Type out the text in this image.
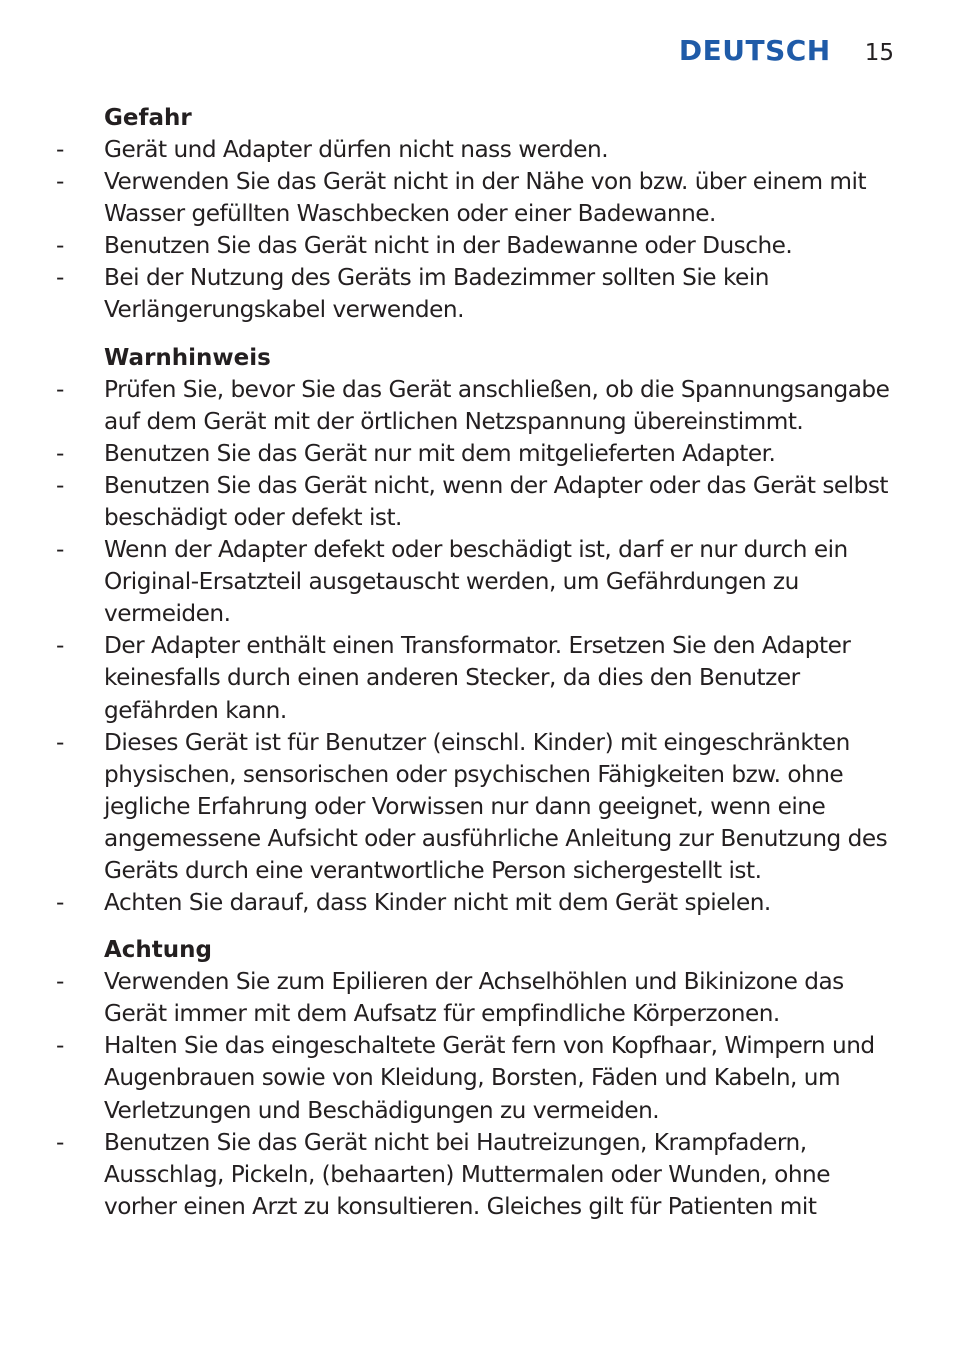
DEUTSCH 15
Gefahr
-	Gerät und Adapter dürfen nicht nass werden.
-	Verwenden Sie das Gerät nicht in der Nähe von bzw. über einem mit Wasser gefüllten Waschbecken oder einer Badewanne.
-	Benutzen Sie das Gerät nicht in der Badewanne oder Dusche.
-	Bei der Nutzung des Geräts im Badezimmer sollten Sie kein Verlängerungskabel verwenden.
Warnhinweis
-	Prüfen Sie, bevor Sie das Gerät anschließen, ob die Spannungsangabe auf dem Gerät mit der örtlichen Netzspannung übereinstimmt.
-	Benutzen Sie das Gerät nur mit dem mitgelieferten Adapter.
-	Benutzen Sie das Gerät nicht, wenn der Adapter oder das Gerät selbst beschädigt oder defekt ist.
-	Wenn der Adapter defekt oder beschädigt ist, darf er nur durch ein Original-Ersatzteil ausgetauscht werden, um Gefährdungen zu vermeiden.
-	Der Adapter enthält einen Transformator. Ersetzen Sie den Adapter keinesfalls durch einen anderen Stecker, da dies den Benutzer gefährden kann.
-	Dieses Gerät ist für Benutzer (einschl. Kinder) mit eingeschränkten physischen, sensorischen oder psychischen Fähigkeiten bzw. ohne jegliche Erfahrung oder Vorwissen nur dann geeignet, wenn eine angemessene Aufsicht oder ausführliche Anleitung zur Benutzung des Geräts durch eine verantwortliche Person sichergestellt ist.
-	Achten Sie darauf, dass Kinder nicht mit dem Gerät spielen.
Achtung
-	Verwenden Sie zum Epilieren der Achselhöhlen und Bikinizone das Gerät immer mit dem Aufsatz für empfindliche Körperzonen.
-	Halten Sie das eingeschaltete Gerät fern von Kopfhaar, Wimpern und Augenbrauen sowie von Kleidung, Borsten, Fäden und Kabeln, um Verletzungen und Beschädigungen zu vermeiden.
-	Benutzen Sie das Gerät nicht bei Hautreizungen, Krampfadern, Ausschlag, Pickeln, (behaarten) Muttermalen oder Wunden, ohne vorher einen Arzt zu konsultieren. Gleiches gilt für Patienten mit
